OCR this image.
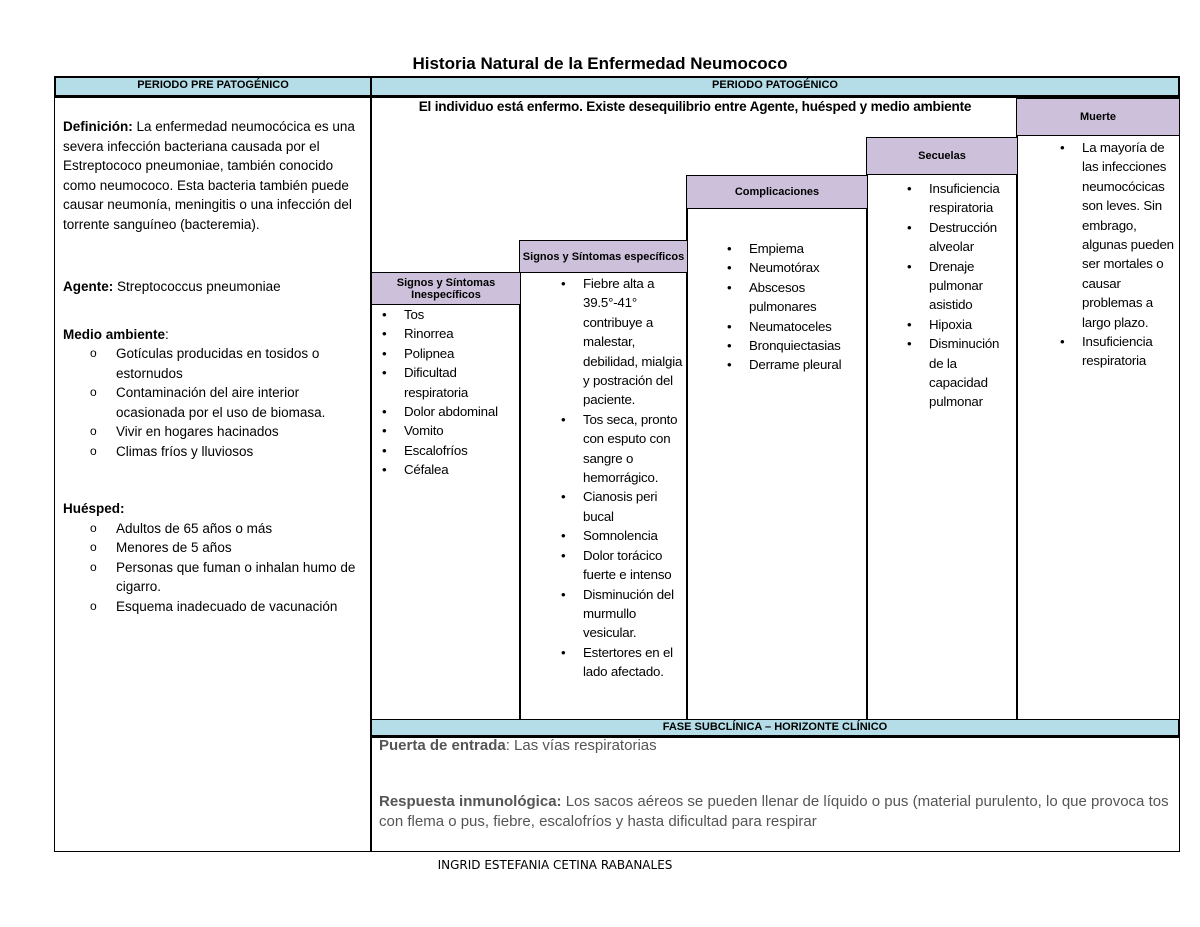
Historia Natural de la Enfermedad Neumococo
PERIODO PRE PATOGÉNICO	PERIODO PATOGÉNICO
Definición: La enfermedad neumocócica es una severa infección bacteriana causada por el Estreptococo pneumoniae, también conocido como neumococo. Esta bacteria también puede causar neumonía, meningitis o una infección del torrente sanguíneo (bacteremia).
Agente: Streptococcus pneumoniae
Medio ambiente:
o Gotículas producidas en tosidos o estornudos
o Contaminación del aire interior ocasionada por el uso de biomasa.
o Vivir en hogares hacinados
o Climas fríos y lluviosos
Huésped:
o Adultos de 65 años o más
o Menores de 5 años
o Personas que fuman o inhalan humo de cigarro.
o Esquema inadecuado de vacunación
El individuo está enfermo. Existe desequilibrio entre Agente, huésped y medio ambiente
Signos y Síntomas Inespecíficos
Signos y Síntomas específicos
Complicaciones
Secuelas
Muerte
• Tos
• Rinorrea
• Polipnea
• Dificultad respiratoria
• Dolor abdominal
• Vomito
• Escalofríos
• Céfalea
• Fiebre alta a 39.5°-41° contribuye a malestar, debilidad, mialgia y postración del paciente.
• Tos seca, pronto con esputo con sangre o hemorrágico.
• Cianosis peri bucal
• Somnolencia
• Dolor torácico fuerte e intenso
• Disminución del murmullo vesicular.
• Estertores en el lado afectado.
• Empiema
• Neumotórax
• Abscesos pulmonares
• Neumatoceles
• Bronquiectasias
• Derrame pleural
• Insuficiencia respiratoria
• Destrucción alveolar
• Drenaje pulmonar asistido
• Hipoxia
• Disminución de la capacidad pulmonar
• La mayoría de las infecciones neumocócicas son leves. Sin embrago, algunas pueden ser mortales o causar problemas a largo plazo.
• Insuficiencia respiratoria
FASE SUBCLÍNICA – HORIZONTE CLÍNICO
Puerta de entrada: Las vías respiratorias
Respuesta inmunológica: Los sacos aéreos se pueden llenar de líquido o pus (material purulento, lo que provoca tos con flema o pus, fiebre, escalofríos y hasta dificultad para respirar
INGRID ESTEFANIA CETINA RABANALES
